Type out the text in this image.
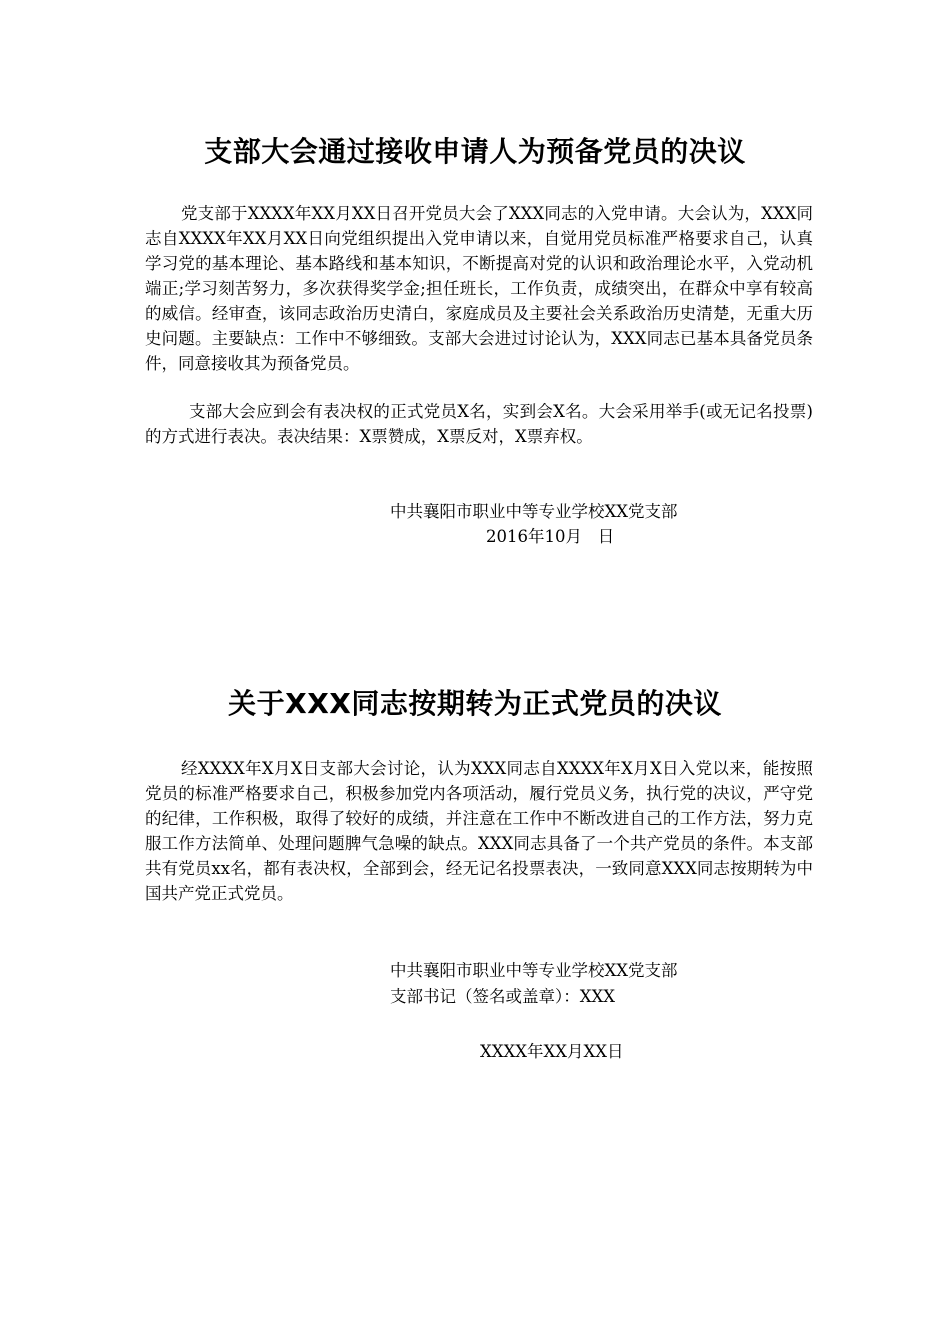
支部大会通过接收申请人为预备党员的决议

党支部于XXXX年XX月XX日召开党员大会了XXX同志的入党申请。大会认为，XXX同志自XXXX年XX月XX日向党组织提出入党申请以来，自觉用党员标准严格要求自己，认真学习党的基本理论、基本路线和基本知识，不断提高对党的认识和政治理论水平，入党动机端正;学习刻苦努力，多次获得奖学金;担任班长，工作负责，成绩突出，在群众中享有较高的威信。经审查，该同志政治历史清白，家庭成员及主要社会关系政治历史清楚，无重大历史问题。主要缺点：工作中不够细致。支部大会进过讨论认为，XXX同志已基本具备党员条件，同意接收其为预备党员。

支部大会应到会有表决权的正式党员X名，实到会X名。大会采用举手(或无记名投票)的方式进行表决。表决结果：X票赞成，X票反对，X票弃权。

中共襄阳市职业中等专业学校XX党支部

2016年10月   日

关于XXX同志按期转为正式党员的决议

经XXXX年X月X日支部大会讨论，认为XXX同志自XXXX年X月X日入党以来，能按照党员的标准严格要求自己，积极参加党内各项活动，履行党员义务，执行党的决议，严守党的纪律，工作积极，取得了较好的成绩，并注意在工作中不断改进自己的工作方法，努力克服工作方法简单、处理问题脾气急噪的缺点。XXX同志具备了一个共产党员的条件。本支部共有党员xx名，都有表决权，全部到会，经无记名投票表决，一致同意XXX同志按期转为中国共产党正式党员。

中共襄阳市职业中等专业学校XX党支部

支部书记（签名或盖章）：XXX

XXXX年XX月XX日
